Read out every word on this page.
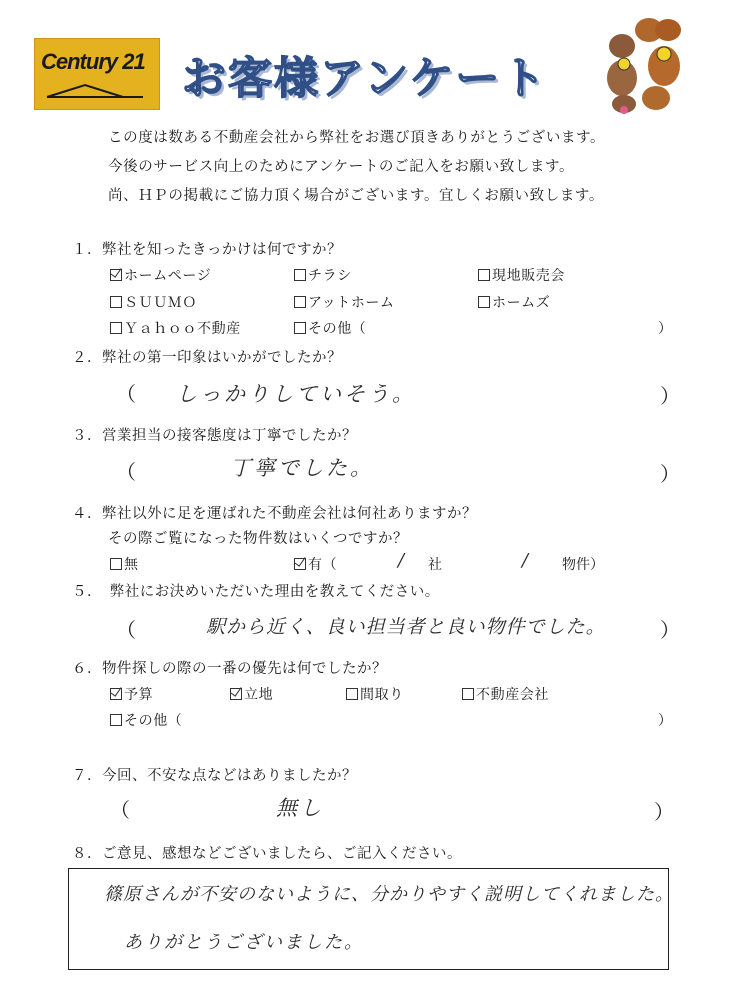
Century 21 お客様アンケート
この度は数ある不動産会社から弊社をお選び頂きありがとうございます。
今後のサービス向上のためにアンケートのご記入をお願い致します。
尚、ＨＰの掲載にご協力頂く場合がございます。宜しくお願い致します。
１．弊社を知ったきっかけは何ですか？
ホームページ	チラシ	現地販売会
ＳＵＵＭＯ	アットホーム	ホームズ
Ｙａｈｏｏ不動産	その他（	）
２．弊社の第一印象はいかがでしたか？
（ しっかりしていそう。	）
３．営業担当の接客態度は丁寧でしたか？
（	丁寧でした。	）
４．弊社以外に足を運ばれた不動産会社は何社ありますか？
その際ご覧になった物件数はいくつですか？
無	有（	/ 社	/ 物件）
５．　弊社にお決めいただいた理由を教えてください。
（	駅から近く、良い担当者と良い物件でした。	）
６．物件探しの際の一番の優先は何でしたか？
予算	立地	間取り	不動産会社
その他（	）
７．今回、不安な点などはありましたか？
（	無し	）
８．ご意見、感想などございましたら、ご記入ください。
篠原さんが不安のないように、分かりやすく説明してくれました。
ありがとうございました。
